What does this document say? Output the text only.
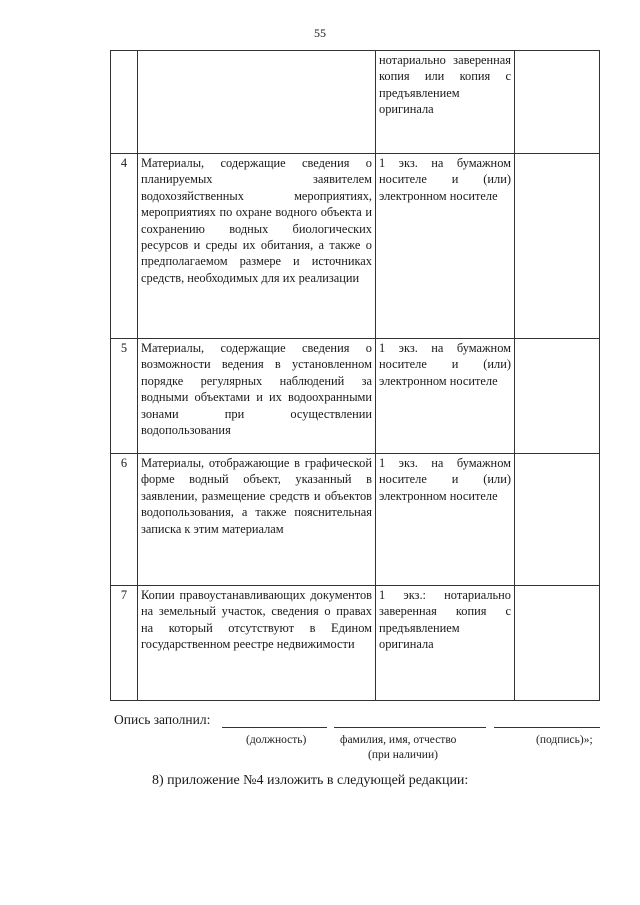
55
		нотариально заверенная копия или копия с предъявлением оригинала	
4	Материалы, содержащие сведения о планируемых заявителем водохозяйственных мероприятиях, мероприятиях по охране водного объекта и сохранению водных биологических ресурсов и среды их обитания, а также о предполагаемом размере и источниках средств, необходимых для их реализации	1 экз. на бумажном носителе и (или) электронном носителе	
5	Материалы, содержащие сведения о возможности ведения в установленном порядке регулярных наблюдений за водными объектами и их водоохранными зонами при осуществлении водопользования	1 экз. на бумажном носителе и (или) электронном носителе	
6	Материалы, отображающие в графической форме водный объект, указанный в заявлении, размещение средств и объектов водопользования, а также пояснительная записка к этим материалам	1 экз. на бумажном носителе и (или) электронном носителе	
7	Копии правоустанавливающих документов на земельный участок, сведения о правах на который отсутствуют в Едином государственном реестре недвижимости	1 экз.: нотариально заверенная копия с предъявлением оригинала	
Опись заполнил:
(должность)	фамилия, имя, отчество
(при наличии)
(подпись)»;
8) приложение №4 изложить в следующей редакции:
